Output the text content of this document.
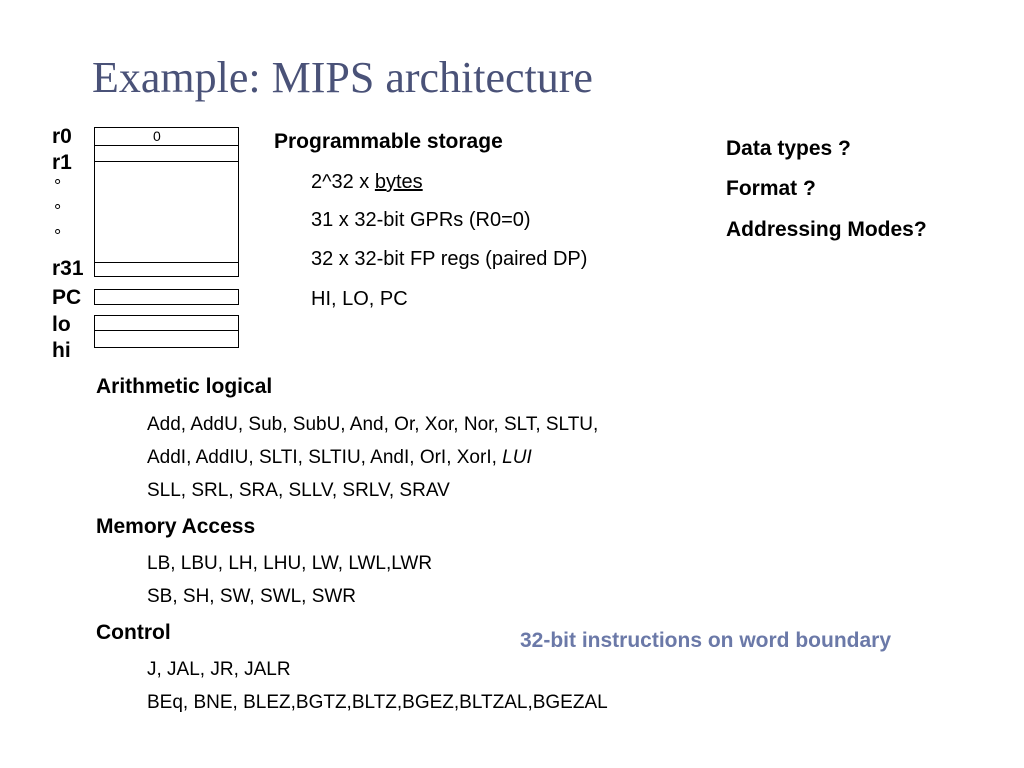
Example: MIPS architecture
r0
r1
°
°
°
r31
PC
lo
hi
0	Programmable storage
2^32 x bytes
31 x 32-bit GPRs (R0=0)
32 x 32-bit FP regs (paired DP)
HI, LO, PC
Data types ?
Format ?
Addressing Modes?
Arithmetic logical
Add, AddU, Sub, SubU, And, Or, Xor, Nor, SLT, SLTU,
AddI, AddIU, SLTI, SLTIU, AndI, OrI, XorI, LUI
SLL, SRL, SRA, SLLV, SRLV, SRAV
Memory Access
LB, LBU, LH, LHU, LW, LWL,LWR
SB, SH, SW, SWL, SWR
Control
J, JAL, JR, JALR
BEq, BNE, BLEZ,BGTZ,BLTZ,BGEZ,BLTZAL,BGEZAL
32-bit instructions on word boundary
